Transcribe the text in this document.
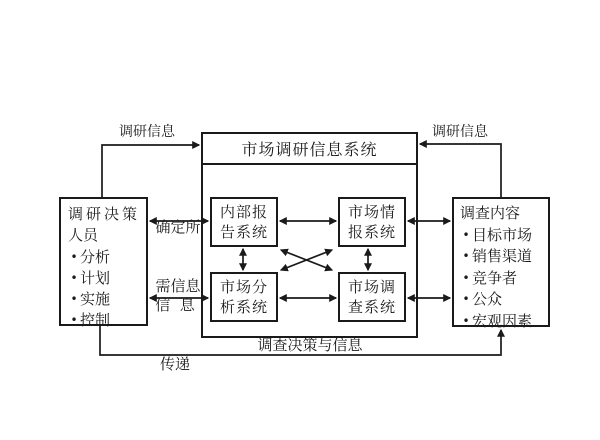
市场调研信息系统
调研决策
人员
• 分析
• 计划
• 实施
• 控制
调查内容
• 目标市场
• 销售渠道
• 竞争者
• 公众
• 宏观因素
内部报
告系统
市场情
报系统
市场分
析系统
市场调
查系统
调研信息	调研信息

确定所

需信息

信  息

传递

调查决策与信息
